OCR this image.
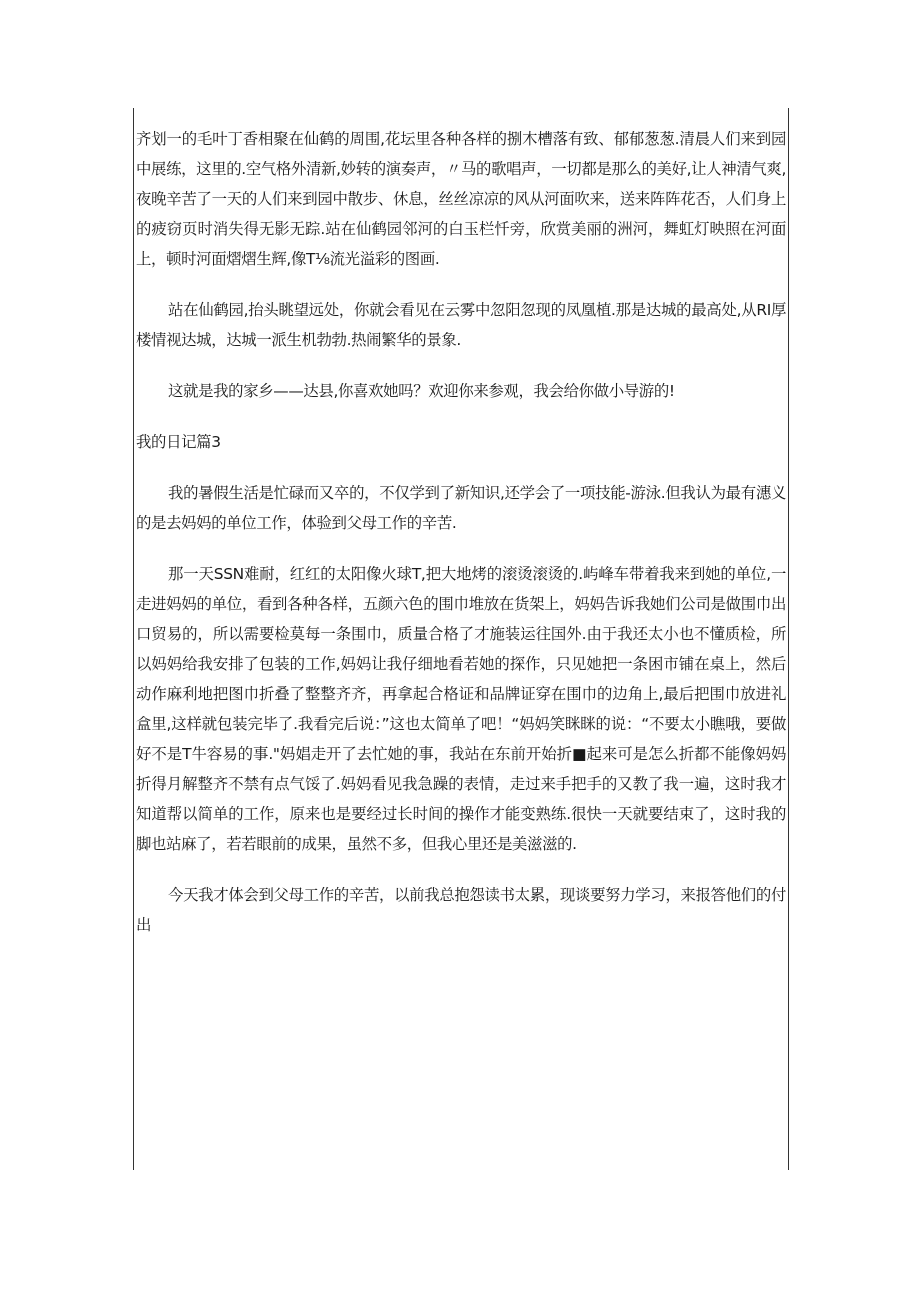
齐划一的毛叶丁香相聚在仙鹤的周围,花坛里各种各样的捌木槽落有致、郁郁葱葱.清晨人们来到园中展练，这里的.空气格外清新,妙转的演奏声，〃马的歌唱声，一切都是那么的美好,让人神清气爽,夜晚辛苦了一天的人们来到园中散步、休息，丝丝凉凉的风从河面吹来，送来阵阵花否，人们身上的疲窃页时消失得无影无踪.站在仙鹤园邻河的白玉栏忏旁，欣赏美丽的洲河，舞虹灯映照在河面上，顿时河面熠熠生辉,像T⅛流光溢彩的图画.

站在仙鹤园,抬头眺望远处，你就会看见在云雾中忽阳忽现的凤凰植.那是达城的最高处,从RI厚楼情视达城，达城一派生机勃勃.热闹繁华的景象.

这就是我的家乡——达县,你喜欢她吗？欢迎你来参观，我会给你做小导游的!

我的日记篇3

我的暑假生活是忙碌而又卒的，不仅学到了新知识,还学会了一项技能-游泳.但我认为最有潓义的是去妈妈的单位工作，体验到父母工作的辛苦.

那一天SSN难耐，红红的太阳像火球T,把大地烤的滚烫滚烫的.屿峰车带着我来到她的单位,一走进妈妈的单位，看到各种各样，五颜六色的围巾堆放在货架上，妈妈告诉我她们公司是做围巾出口贸易的，所以需要检莫每一条围巾，质量合格了才施装运往国外.由于我还太小也不懂质检，所以妈妈给我安排了包装的工作,妈妈让我仔细地看若她的探作，只见她把一条困市铺在桌上，然后动作麻利地把图巾折叠了整整齐齐，再拿起合格证和品牌证穿在围巾的边角上,最后把围巾放进礼盒里,这样就包装完毕了.我看完后说：”这也太简单了吧！“妈妈笑眯眯的说：“不要太小瞧哦，要做好不是T牛容易的事."妈娼走开了去忙她的事，我站在东前开始折■起来可是怎么折都不能像妈妈折得月解整齐不禁有点气馁了.妈妈看见我急躁的表情，走过来手把手的又教了我一遍，这时我才知道帮以简单的工作，原来也是要经过长时间的操作才能变熟练.很快一天就要结束了，这时我的脚也站麻了，若若眼前的成果，虽然不多，但我心里还是美滋滋的.

今天我才体会到父母工作的辛苦，以前我总抱怨读书太累，现谈要努力学习，来报答他们的付出
